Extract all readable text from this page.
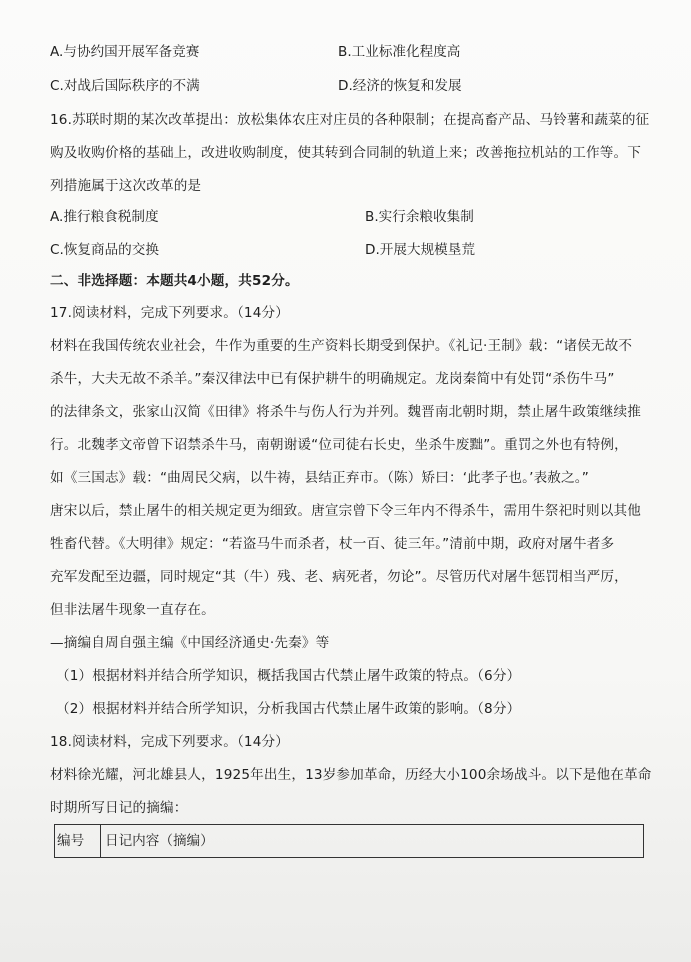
A.与协约国开展军备竞赛	B.工业标准化程度高
C.对战后国际秩序的不满	D.经济的恢复和发展
16.苏联时期的某次改革提出：放松集体农庄对庄员的各种限制；在提高畜产品、马铃薯和蔬菜的征
购及收购价格的基础上，改进收购制度，使其转到合同制的轨道上来；改善拖拉机站的工作等。下
列措施属于这次改革的是
A.推行粮食税制度	B.实行余粮收集制
C.恢复商品的交换	D.开展大规模垦荒
二、非选择题：本题共4小题，共52分。
17.阅读材料，完成下列要求。（14分）
材料在我国传统农业社会，牛作为重要的生产资料长期受到保护。《礼记·王制》载：“诸侯无故不
杀牛，大夫无故不杀羊。”秦汉律法中已有保护耕牛的明确规定。龙岗秦简中有处罚“杀伤牛马”
的法律条文，张家山汉简《田律》将杀牛与伤人行为并列。魏晋南北朝时期，禁止屠牛政策继续推
行。北魏孝文帝曾下诏禁杀牛马，南朝谢谖“位司徒右长史，坐杀牛废黜”。重罚之外也有特例，
如《三国志》载：“曲周民父病，以牛祷，县结正弃市。（陈）矫曰：‘此孝子也。’表赦之。”
唐宋以后，禁止屠牛的相关规定更为细致。唐宣宗曾下令三年内不得杀牛，需用牛祭祀时则以其他
牲畜代替。《大明律》规定：“若盗马牛而杀者，杖一百、徒三年。”清前中期，政府对屠牛者多
充军发配至边疆，同时规定“其（牛）残、老、病死者，勿论”。尽管历代对屠牛惩罚相当严厉，
但非法屠牛现象一直存在。
—摘编自周自强主编《中国经济通史·先秦》等
（1）根据材料并结合所学知识，概括我国古代禁止屠牛政策的特点。（6分）
（2）根据材料并结合所学知识，分析我国古代禁止屠牛政策的影响。（8分）
18.阅读材料，完成下列要求。（14分）
材料徐光耀，河北雄县人，1925年出生，13岁参加革命，历经大小100余场战斗。以下是他在革命
时期所写日记的摘编：
编号 日记内容（摘编）
